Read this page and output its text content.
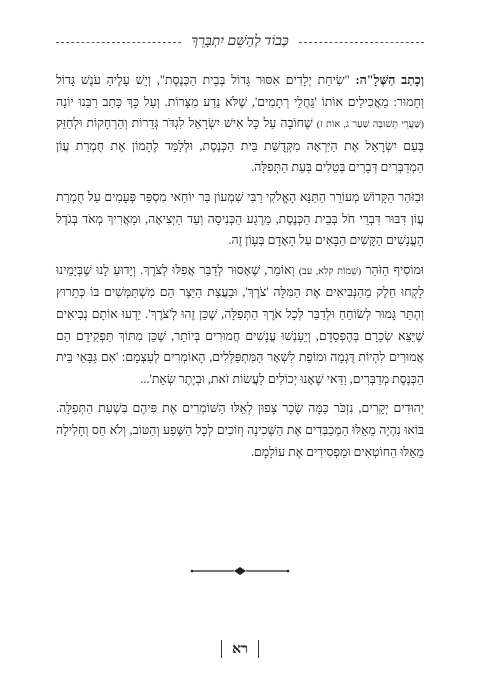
כְּבוֹד לְהַשֵּׁם יִתְבָּרֵךְ

וְכָתַב הַשְּׁלָ"ה: "שִׂיחַת יְלָדִים אִסּוּר גָּדוֹל בְּבֵית הַכְּנֶסֶת", וְיֵשׁ עָלֶיהָ עֹנֶשׁ גָּדוֹל וְחָמוּר: מַאֲכִילִים אוֹתוֹ 'גַּחֲלֵי רְתָמִים', שֶׁלֹּא נֵדַע מִצָּרוֹת. וְעַל כָּךְ כָּתַב רַבֵּנוּ יוֹנָה (שַׁעֲרֵי תְשׁוּבָה שַׁעַר ג, אוֹת ז) שֶׁחוֹבָה עַל כָּל אִישׁ יִשְׂרָאֵל לִגְדֹּר גְּדֵרוֹת וְהַרְחָקוֹת וּלְחַזֵּק בְּעַם יִשְׂרָאֵל אֶת הַיִּרְאָה מִקְּדֻשַּׁת בֵּית הַכְּנֶסֶת, וּלְלַמֵּד לֶהָמוֹן אֶת חֻמְרַת עֲוֹן הַמְדַבְּרִים דְּבָרִים בְּטֵלִים בְּעֵת הַתְּפִלָּה.

וּבַזֹּהַר הַקָּדוֹשׁ מְעוֹרֵר הַתַּנָּא הָאֱלֹקִי רַבִּי שִׁמְעוֹן בַּר יוֹחַאי מִסְפַּר פְּעָמִים עַל חֻמְרַת עֲוֹן דִּבּוּר דִּבְרֵי חֹל בְּבֵית הַכְּנֶסֶת, מֵרֶגַע הַכְּנִיסָה וְעַד הַיְּצִיאָה, וּמַאֲרִיךְ מְאֹד בְּגֹדֶל הָעֳנָשִׁים הַקָּשִׁים הַבָּאִים עַל הָאָדָם בְּעָוֹן זֶה.

וּמוֹסִיף הַזֹּהַר (שְׁמוֹת קלא, עב) וְאוֹמֵר, שֶׁאָסוּר לְדַבֵּר אֲפִלּוּ לְצֹרֶךְ. וְיָדוּעַ לָנוּ שֶׁבְּיָמֵינוּ לָקְחוּ חֵלֶק מֵהַנְּבִיאִים אֶת הַמִּלָּה 'צֹרֶךְ', וּבַעֲצַת הַיֵּצֶר הֵם מִשְׁתַּמְּשִׁים בּוֹ כְּתֵרוּץ וְהֶתֵּר גָּמוּר לְשׂוֹחֵחַ וּלְדַבֵּר לְכָל אֹרֶךְ הַתְּפִלָּה, שֶׁכֵּן זֶהוּ לְ'צֹרֶךְ'. יֵדְעוּ אוֹתָם נְבִיאִים שֶׁיֵּצֵא שְׂכָרָם בְּהֶפְסֵדָם, וְיֵעָנְשׁוּ עֳנָשִׁים חֲמוּרִים בְּיוֹתֵר, שֶׁכֵּן מִתּוֹךְ תַּפְקִידָם הֵם אֲמוּרִים לִהְיוֹת דֻּגְמָה וּמוֹפֵת לִשְׁאָר הַמִּתְפַּלְּלִים, הָאוֹמְרִים לְעַצְמָם: 'אִם גַּבָּאֵי בֵּית הַכְּנֶסֶת מְדַבְּרִים, וַדַּאי שֶׁאָנוּ יְכוֹלִים לַעֲשׂוֹת זֹאת, וּבְיֶתֶר שְׂאֵת'...

יְהוּדִים יְקָרִים, נִזְכֹּר כַּמָּה שָׂכָר צָפוּן לְאֵלּוּ הַשּׁוֹמְרִים אֶת פִּיהֶם בִּשְׁעַת הַתְּפִלָּה. בּוֹאוּ נִהְיֶה מֵאֵלּוּ הַמְכַבְּדִים אֶת הַשְּׁכִינָה וְזוֹכִים לְכָל הַשֶּׁפַע וְהַטּוֹב, וְלֹא חַס וְחָלִילָה מֵאֵלּוּ הַחוֹטְאִים וּמַפְסִידִים אֶת עוֹלָמָם.

רא
